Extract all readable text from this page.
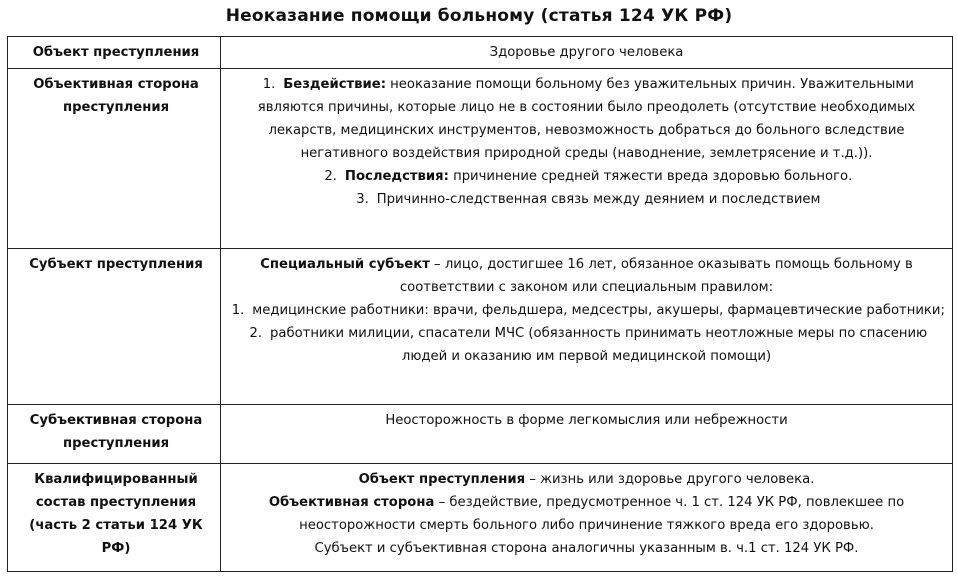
Неоказание помощи больному (статья 124 УК РФ)
Объект преступления	Здоровье другого человека
Объективная сторона преступления	1. Бездействие: неоказание помощи больному без уважительных причин. Уважительными являются причины, которые лицо не в состоянии было преодолеть (отсутствие необходимых лекарств, медицинских инструментов, невозможность добраться до больного вследствие негативного воздействия природной среды (наводнение, землетрясение и т.д.)).

2. Последствия: причинение средней тяжести вреда здоровью больного.

3. Причинно-следственная связь между деянием и последствием

Субъект преступления	Специальный субъект – лицо, достигшее 16 лет, обязанное оказывать помощь больному в соответствии с законом или специальным правилом:

1. медицинские работники: врачи, фельдшера, медсестры, акушеры, фармацевтические работники;

2. работники милиции, спасатели МЧС (обязанность принимать неотложные меры по спасению людей и оказанию им первой медицинской помощи)

Субъективная сторона преступления	Неосторожность в форме легкомыслия или небрежности
Квалифицированный состав преступления (часть 2 статьи 124 УК РФ)	Объект преступления – жизнь или здоровье другого человека.

Объективная сторона – бездействие, предусмотренное ч. 1 ст. 124 УК РФ, повлекшее по неосторожности смерть больного либо причинение тяжкого вреда его здоровью.

Субъект и субъективная сторона аналогичны указанным в. ч.1 ст. 124 УК РФ.
